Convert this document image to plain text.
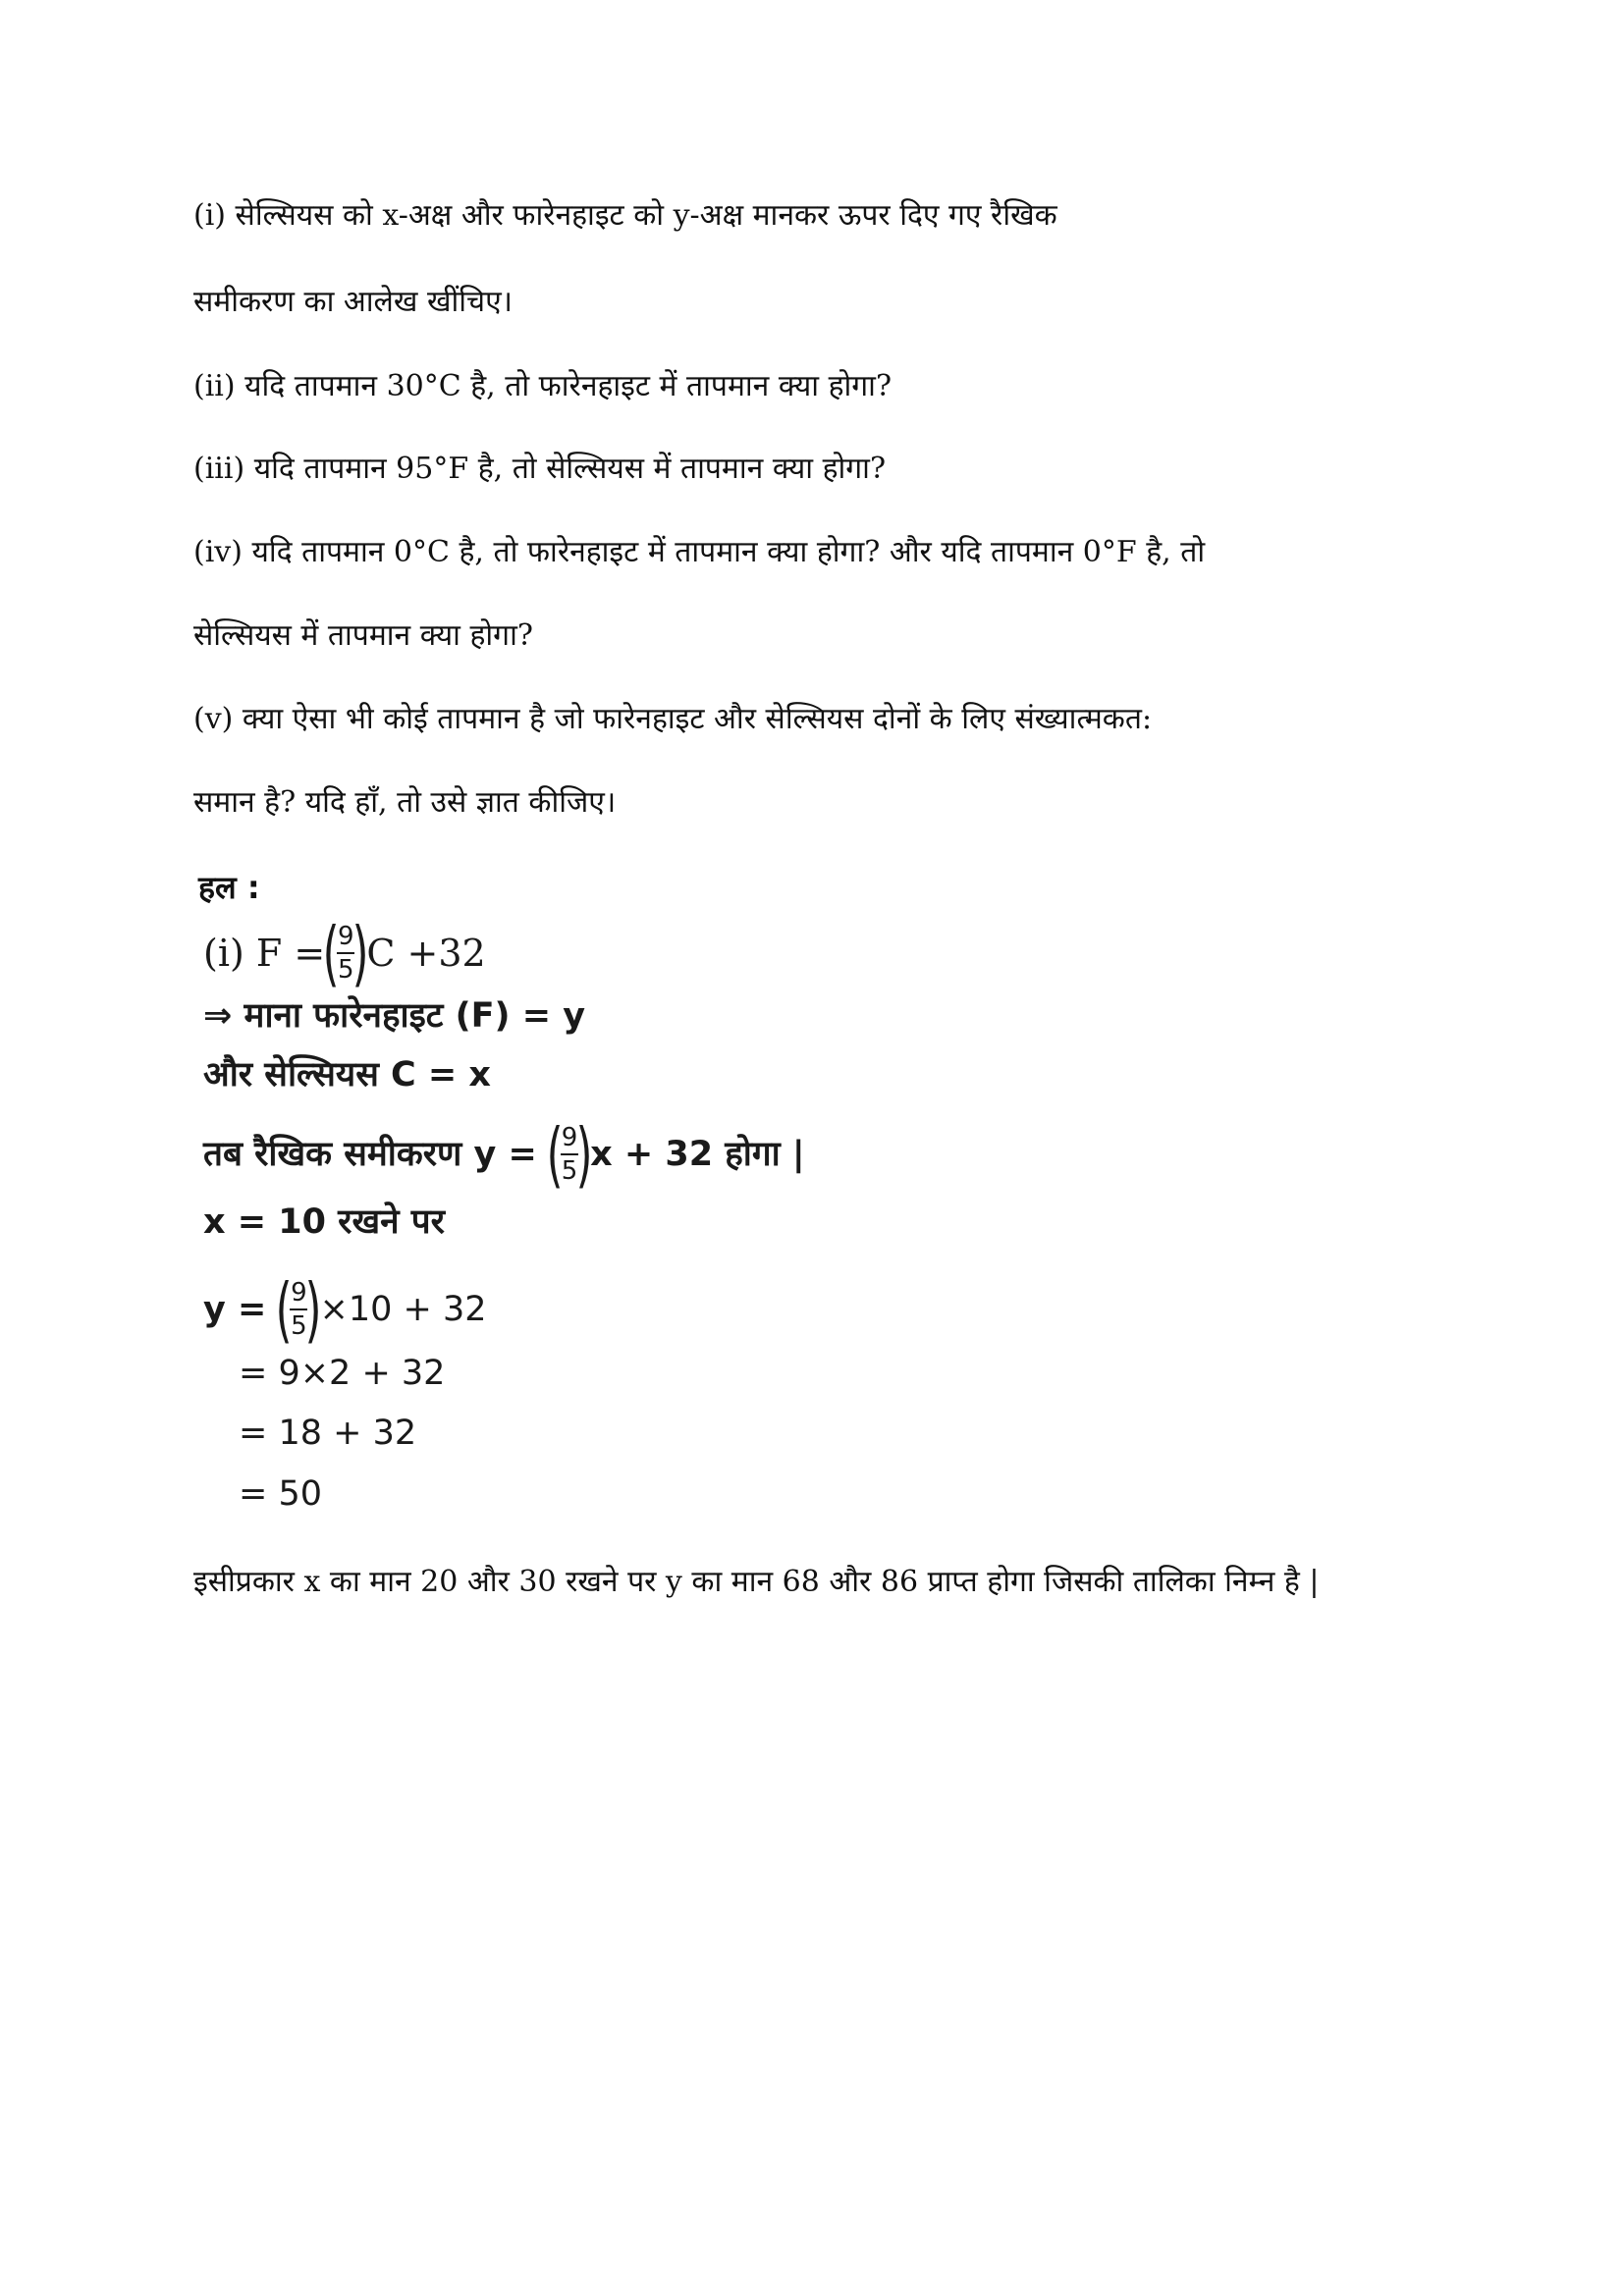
(i) सेल्सियस को x-अक्ष और फारेनहाइट को y-अक्ष मानकर ऊपर दिए गए रैखिक
समीकरण का आलेख खींचिए।
(ii) यदि तापमान 30°C है, तो फारेनहाइट में तापमान क्या होगा?
(iii) यदि तापमान 95°F है, तो सेल्सियस में तापमान क्या होगा?
(iv) यदि तापमान 0°C है, तो फारेनहाइट में तापमान क्या होगा? और यदि तापमान 0°F है, तो
सेल्सियस में तापमान क्या होगा?
(v) क्या ऐसा भी कोई तापमान है जो फारेनहाइट और सेल्सियस दोनों के लिए संख्यात्मकत:
समान है? यदि हाँ, तो उसे ज्ञात कीजिए।
हल :
(i) F =
(
9
5
)
C +32
⇒ माना फारेनहाइट (F) = y
और सेल्सियस C = x
तब रैखिक समीकरण y = (
9
5
)
x + 32 होगा |
x = 10 रखने पर
y = (
9
5
)
×10 + 32
= 9×2 + 32
= 18 + 32
= 50
इसीप्रकार x का मान 20 और 30 रखने पर y का मान 68 और 86 प्राप्त होगा जिसकी तालिका निम्न है |
